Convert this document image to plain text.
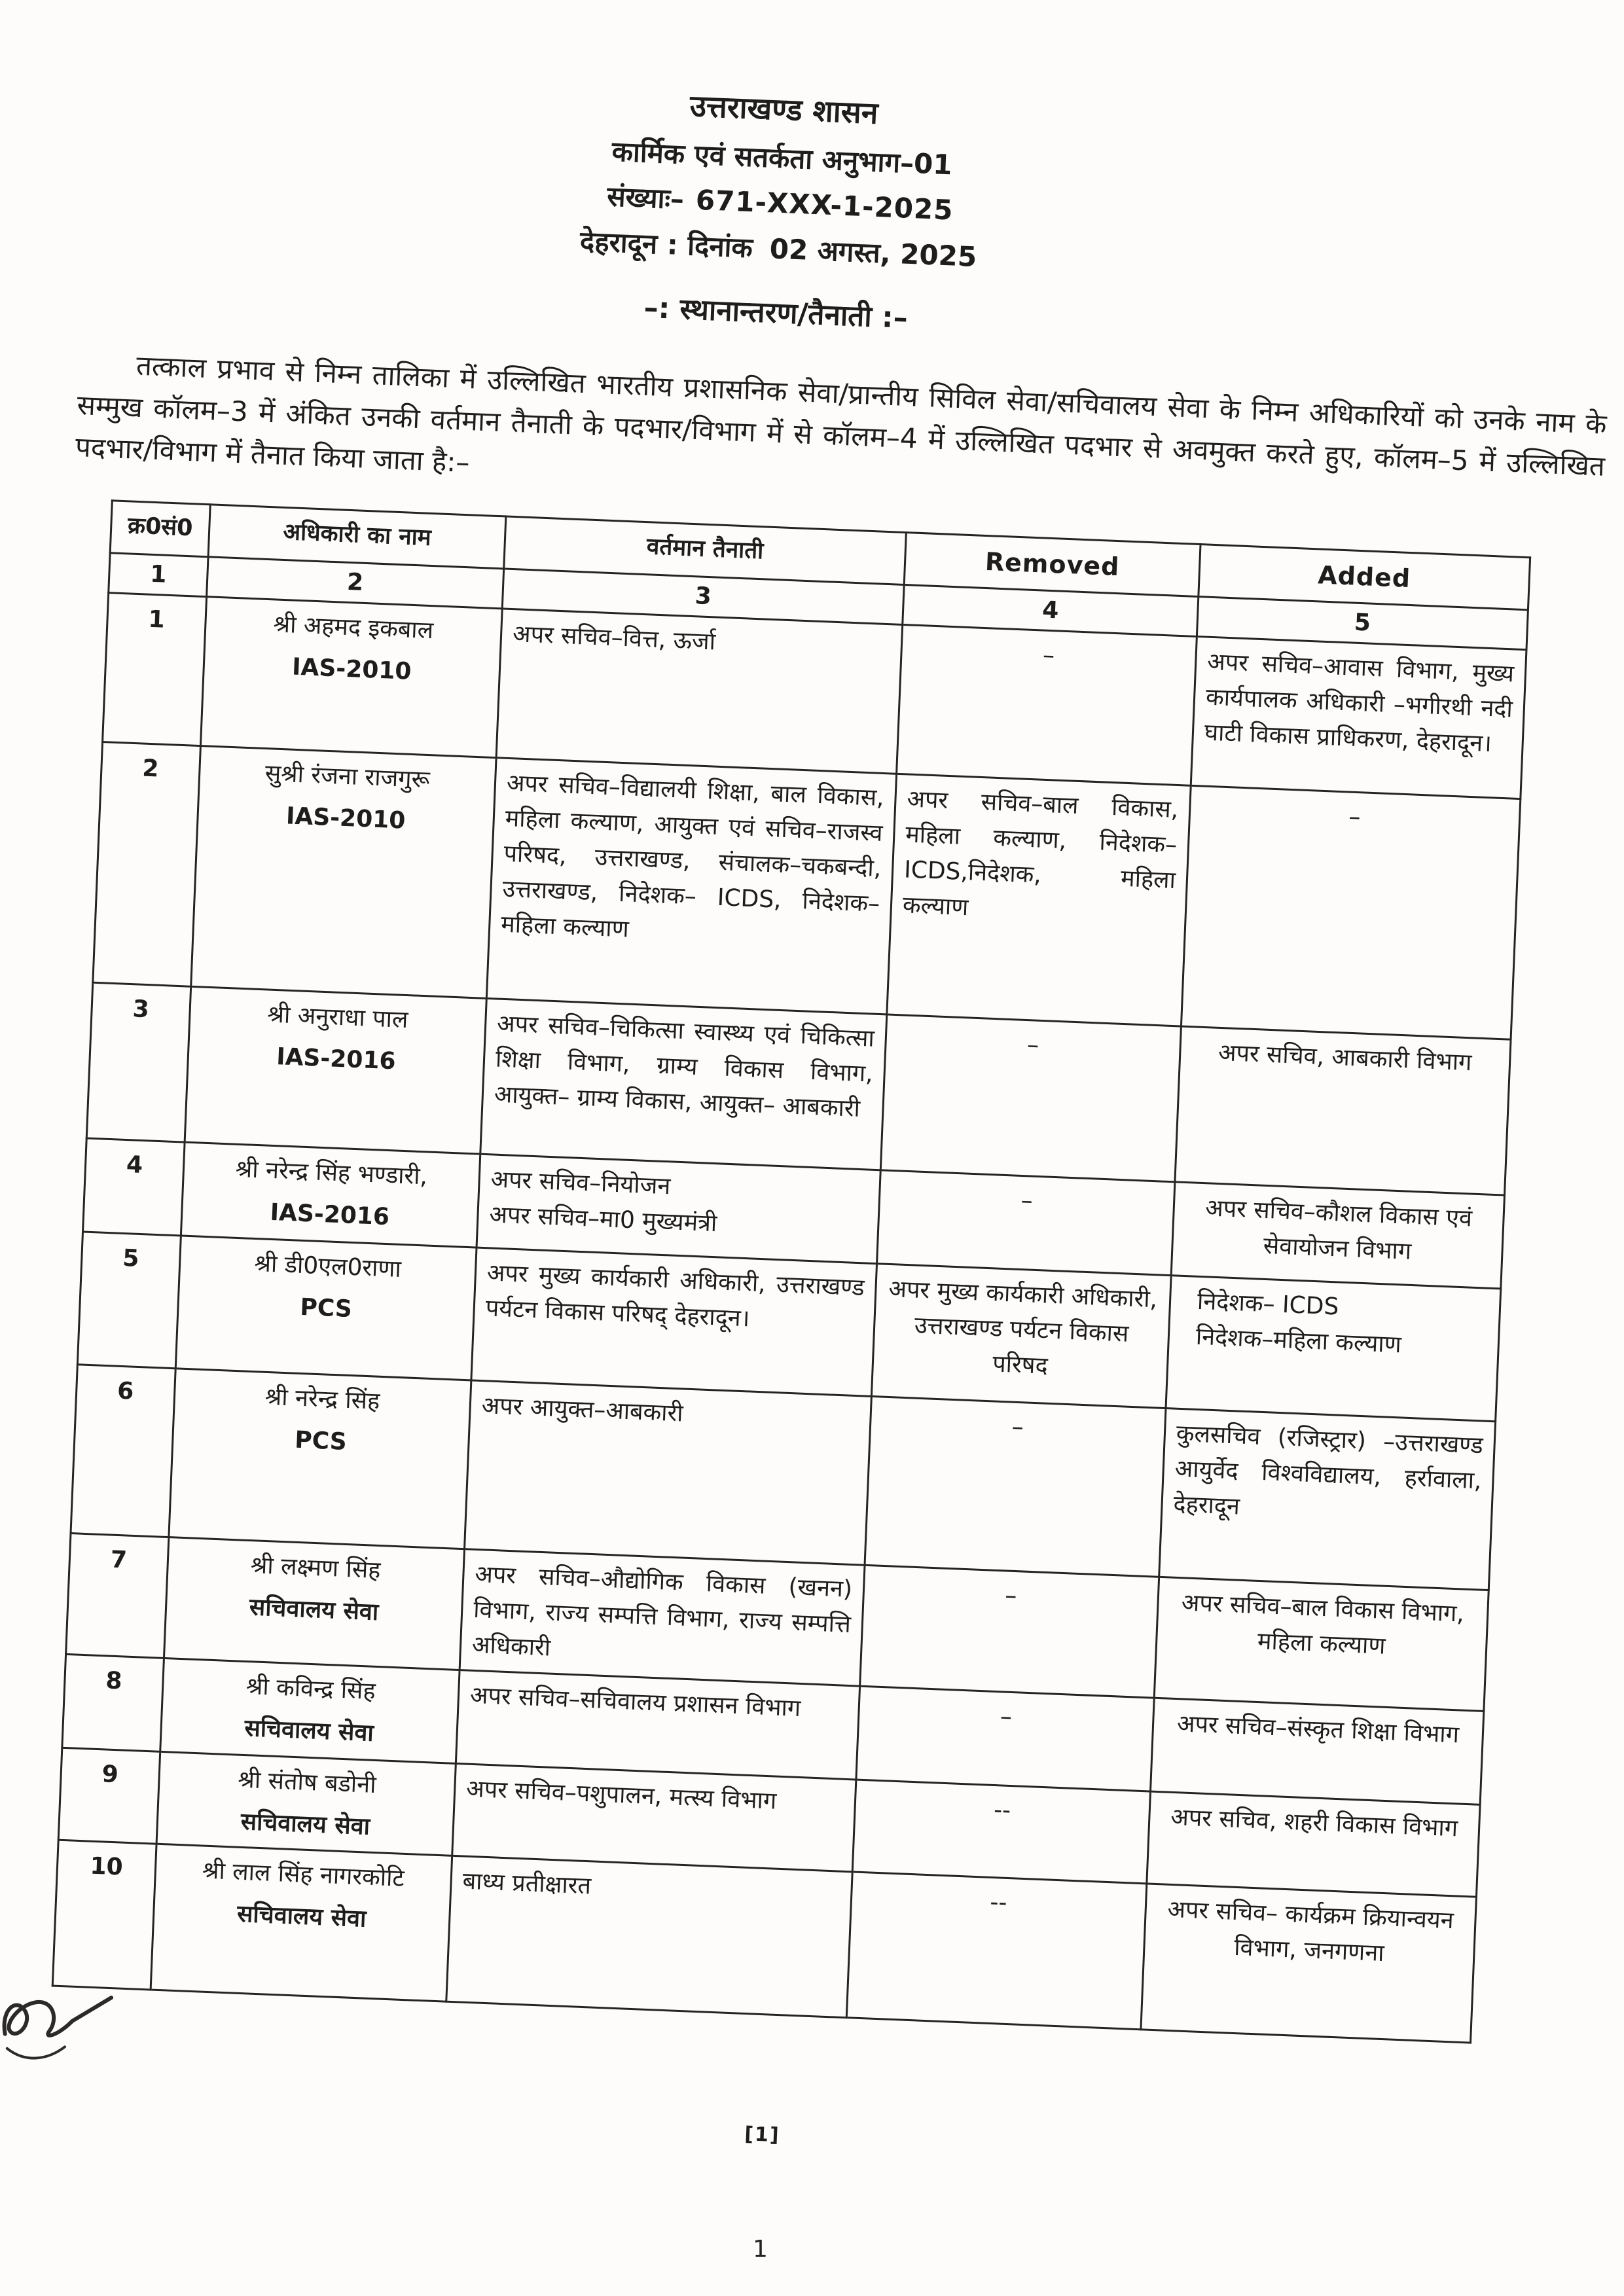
उत्तराखण्ड शासन
कार्मिक एवं सतर्कता अनुभाग–01
संख्याः– 671-XXX-1-2025
देहरादून : दिनांक 02 अगस्त, 2025
–: स्थानान्तरण/तैनाती :–

तत्काल प्रभाव से निम्न तालिका में उल्लिखित भारतीय प्रशासनिक सेवा/प्रान्तीय सिविल सेवा/सचिवालय सेवा के निम्न अधिकारियों को उनके नाम के सम्मुख कॉलम–3 में अंकित उनकी वर्तमान तैनाती के पदभार/विभाग में से कॉलम–4 में उल्लिखित पदभार से अवमुक्त करते हुए, कॉलम–5 में उल्लिखित पदभार/विभाग में तैनात किया जाता है:–

क्र0सं0	अधिकारी का नाम	वर्तमान तैनाती	Removed	Added
1	2	3	4	5
1	श्री अहमद इकबाल
IAS-2010	अपर सचिव–वित्त, ऊर्जा	–	अपर सचिव–आवास विभाग, मुख्य कार्यपालक अधिकारी –भगीरथी नदी घाटी विकास प्राधिकरण, देहरादून।
2	सुश्री रंजना राजगुरू
IAS-2010	अपर सचिव–विद्यालयी शिक्षा, बाल विकास, महिला कल्याण, आयुक्त एवं सचिव–राजस्व परिषद, उत्तराखण्ड, संचालक–चकबन्दी, उत्तराखण्ड, निदेशक– ICDS, निदेशक– महिला कल्याण	अपर सचिव–बाल विकास, महिला कल्याण, निदेशक– ICDS,निदेशक, महिला कल्याण	–
3	श्री अनुराधा पाल
IAS-2016	अपर सचिव–चिकित्सा स्वास्थ्य एवं चिकित्सा शिक्षा विभाग, ग्राम्य विकास विभाग, आयुक्त– ग्राम्य विकास, आयुक्त– आबकारी	–	अपर सचिव, आबकारी विभाग
4	श्री नरेन्द्र सिंह भण्डारी,
IAS-2016	अपर सचिव–नियोजन
अपर सचिव–मा0 मुख्यमंत्री	–	अपर सचिव–कौशल विकास एवं सेवायोजन विभाग
5	श्री डी0एल0राणा
PCS	अपर मुख्य कार्यकारी अधिकारी, उत्तराखण्ड पर्यटन विकास परिषद् देहरादून।	अपर मुख्य कार्यकारी अधिकारी, उत्तराखण्ड पर्यटन विकास परिषद	निदेशक– ICDS
निदेशक–महिला कल्याण
6	श्री नरेन्द्र सिंह
PCS	अपर आयुक्त–आबकारी	–	कुलसचिव (रजिस्ट्रार) –उत्तराखण्ड आयुर्वेद विश्वविद्यालय, हर्रावाला, देहरादून
7	श्री लक्ष्मण सिंह
सचिवालय सेवा	अपर सचिव–औद्योगिक विकास (खनन) विभाग, राज्य सम्पत्ति विभाग, राज्य सम्पत्ति अधिकारी	–	अपर सचिव–बाल विकास विभाग, महिला कल्याण
8	श्री कविन्द्र सिंह
सचिवालय सेवा	अपर सचिव–सचिवालय प्रशासन विभाग	–	अपर सचिव–संस्कृत शिक्षा विभाग
9	श्री संतोष बडोनी
सचिवालय सेवा	अपर सचिव–पशुपालन, मत्स्य विभाग	--	अपर सचिव, शहरी विकास विभाग
10	श्री लाल सिंह नागरकोटि
सचिवालय सेवा	बाध्य प्रतीक्षारत	--	अपर सचिव– कार्यक्रम क्रियान्वयन विभाग, जनगणना
[1]
1
